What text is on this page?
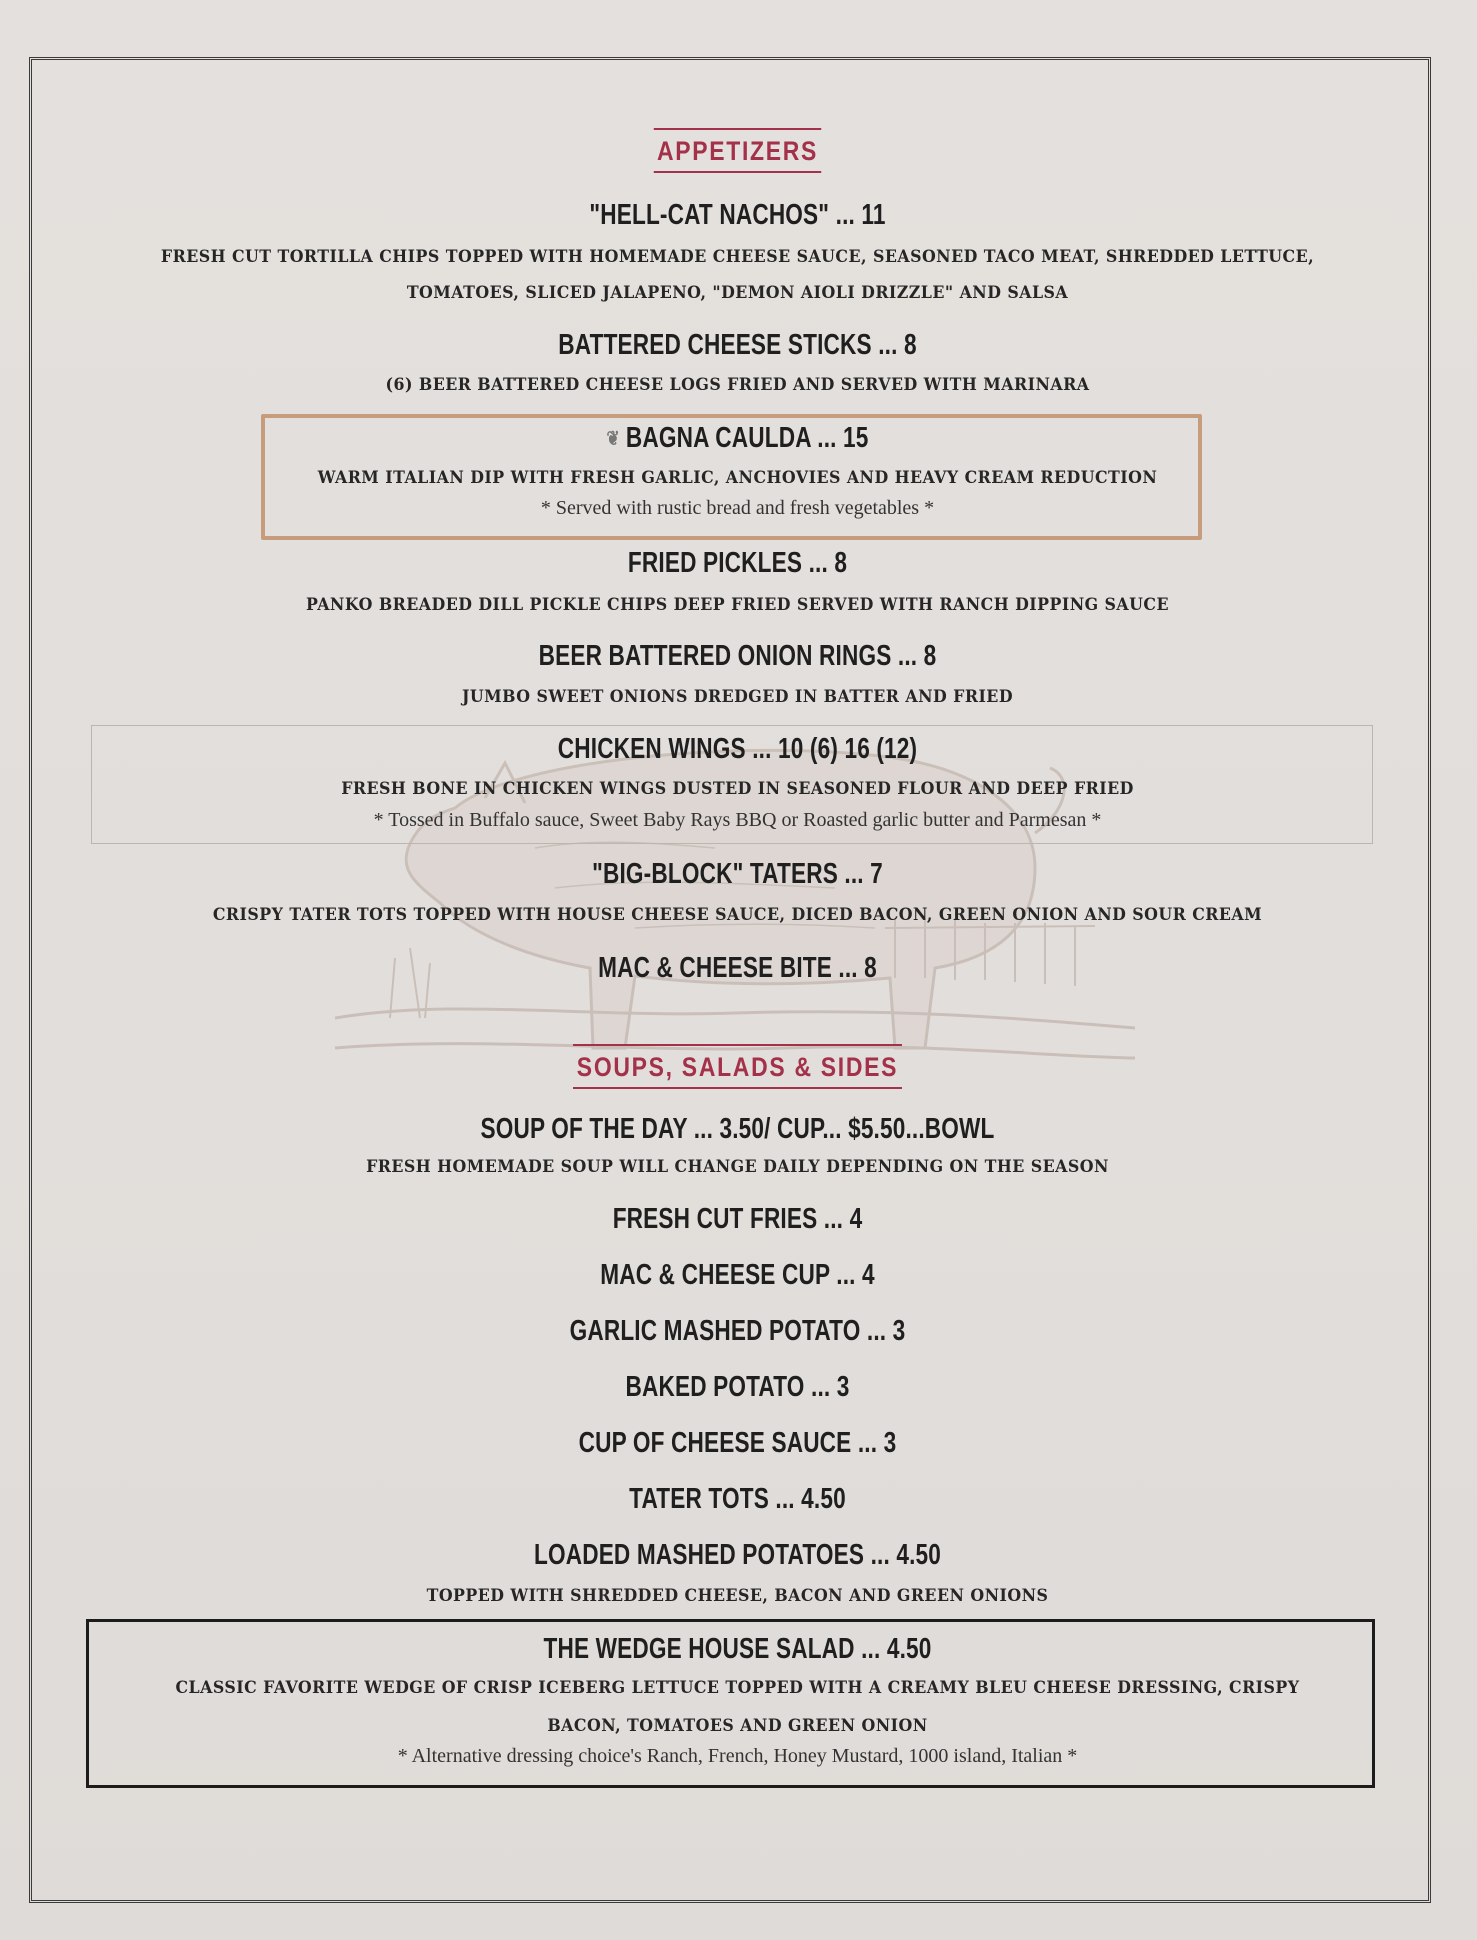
APPETIZERS
"HELL-CAT NACHOS" ... 11
FRESH CUT TORTILLA CHIPS TOPPED WITH HOMEMADE CHEESE SAUCE, SEASONED TACO MEAT, SHREDDED LETTUCE,
TOMATOES, SLICED JALAPENO, "DEMON AIOLI DRIZZLE" AND SALSA
BATTERED CHEESE STICKS ... 8
(6) BEER BATTERED CHEESE LOGS FRIED AND SERVED WITH MARINARA
❦ BAGNA CAULDA ... 15
WARM ITALIAN DIP WITH FRESH GARLIC, ANCHOVIES AND HEAVY CREAM REDUCTION
* Served with rustic bread and fresh vegetables *
FRIED PICKLES ... 8
PANKO BREADED DILL PICKLE CHIPS DEEP FRIED SERVED WITH RANCH DIPPING SAUCE
BEER BATTERED ONION RINGS ... 8
JUMBO SWEET ONIONS DREDGED IN BATTER AND FRIED
CHICKEN WINGS ... 10 (6) 16 (12)
FRESH BONE IN CHICKEN WINGS DUSTED IN SEASONED FLOUR AND DEEP FRIED
* Tossed in Buffalo sauce, Sweet Baby Rays BBQ or Roasted garlic butter and Parmesan *
"BIG-BLOCK" TATERS ... 7
CRISPY TATER TOTS TOPPED WITH HOUSE CHEESE SAUCE, DICED BACON, GREEN ONION AND SOUR CREAM
MAC & CHEESE BITE ... 8
SOUPS, SALADS & SIDES
SOUP OF THE DAY ... 3.50/ CUP... $5.50...BOWL
FRESH HOMEMADE SOUP WILL CHANGE DAILY DEPENDING ON THE SEASON
FRESH CUT FRIES ... 4
MAC & CHEESE CUP ... 4
GARLIC MASHED POTATO ... 3
BAKED POTATO ... 3
CUP OF CHEESE SAUCE ... 3
TATER TOTS ... 4.50
LOADED MASHED POTATOES ... 4.50
TOPPED WITH SHREDDED CHEESE, BACON AND GREEN ONIONS
THE WEDGE HOUSE SALAD ... 4.50
CLASSIC FAVORITE WEDGE OF CRISP ICEBERG LETTUCE TOPPED WITH A CREAMY BLEU CHEESE DRESSING, CRISPY
BACON, TOMATOES AND GREEN ONION
* Alternative dressing choice's Ranch, French, Honey Mustard, 1000 island, Italian *
